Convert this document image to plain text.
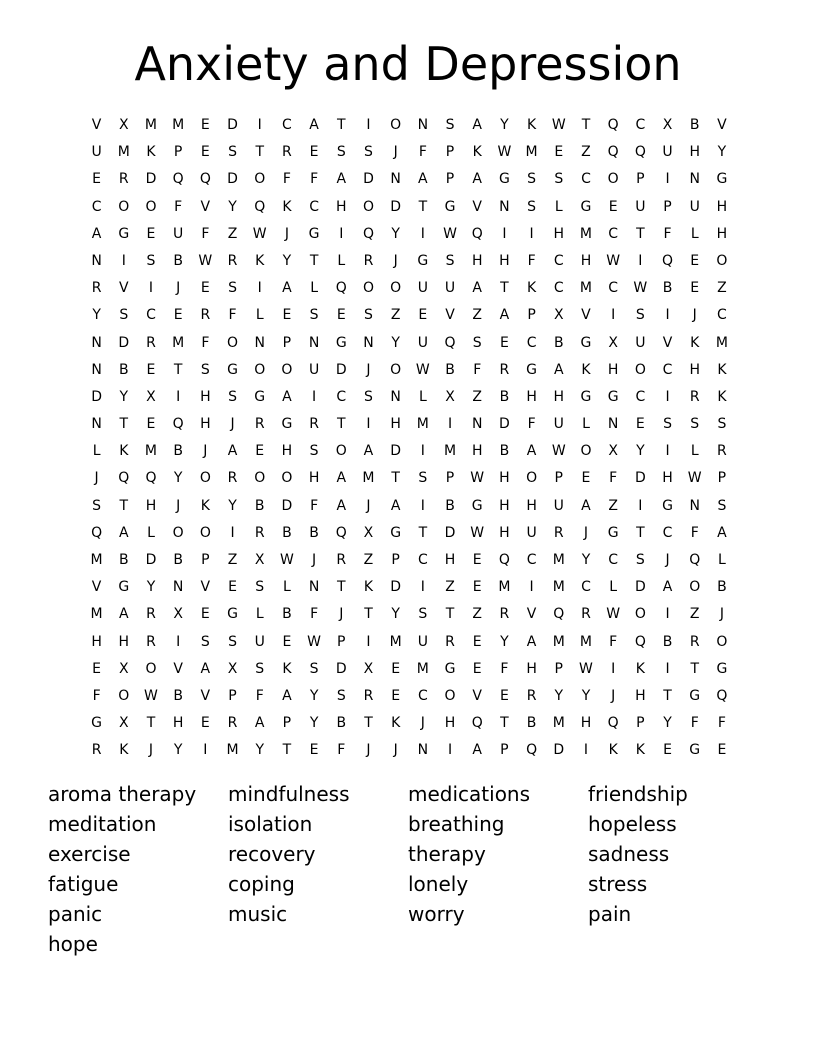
Anxiety and Depression
V	X	M	M	E	D	I	C	A	T	I	O	N	S	A	Y	K	W	T	Q	C	X	B	V
U	M	K	P	E	S	T	R	E	S	S	J	F	P	K	W	M	E	Z	Q	Q	U	H	Y
E	R	D	Q	Q	D	O	F	F	A	D	N	A	P	A	G	S	S	C	O	P	I	N	G
C	O	O	F	V	Y	Q	K	C	H	O	D	T	G	V	N	S	L	G	E	U	P	U	H
A	G	E	U	F	Z	W	J	G	I	Q	Y	I	W	Q	I	I	H	M	C	T	F	L	H
N	I	S	B	W	R	K	Y	T	L	R	J	G	S	H	H	F	C	H	W	I	Q	E	O
R	V	I	J	E	S	I	A	L	Q	O	O	U	U	A	T	K	C	M	C	W	B	E	Z
Y	S	C	E	R	F	L	E	S	E	S	Z	E	V	Z	A	P	X	V	I	S	I	J	C
N	D	R	M	F	O	N	P	N	G	N	Y	U	Q	S	E	C	B	G	X	U	V	K	M
N	B	E	T	S	G	O	O	U	D	J	O	W	B	F	R	G	A	K	H	O	C	H	K
D	Y	X	I	H	S	G	A	I	C	S	N	L	X	Z	B	H	H	G	G	C	I	R	K
N	T	E	Q	H	J	R	G	R	T	I	H	M	I	N	D	F	U	L	N	E	S	S	S
L	K	M	B	J	A	E	H	S	O	A	D	I	M	H	B	A	W	O	X	Y	I	L	R
J	Q	Q	Y	O	R	O	O	H	A	M	T	S	P	W	H	O	P	E	F	D	H	W	P
S	T	H	J	K	Y	B	D	F	A	J	A	I	B	G	H	H	U	A	Z	I	G	N	S
Q	A	L	O	O	I	R	B	B	Q	X	G	T	D	W	H	U	R	J	G	T	C	F	A
M	B	D	B	P	Z	X	W	J	R	Z	P	C	H	E	Q	C	M	Y	C	S	J	Q	L
V	G	Y	N	V	E	S	L	N	T	K	D	I	Z	E	M	I	M	C	L	D	A	O	B
M	A	R	X	E	G	L	B	F	J	T	Y	S	T	Z	R	V	Q	R	W	O	I	Z	J
H	H	R	I	S	S	U	E	W	P	I	M	U	R	E	Y	A	M	M	F	Q	B	R	O
E	X	O	V	A	X	S	K	S	D	X	E	M	G	E	F	H	P	W	I	K	I	T	G
F	O	W	B	V	P	F	A	Y	S	R	E	C	O	V	E	R	Y	Y	J	H	T	G	Q
G	X	T	H	E	R	A	P	Y	B	T	K	J	H	Q	T	B	M	H	Q	P	Y	F	F
R	K	J	Y	I	M	Y	T	E	F	J	J	N	I	A	P	Q	D	I	K	K	E	G	E
aroma therapy
meditation
exercise
fatigue
panic
hope
mindfulness
isolation
recovery
coping
music
medications
breathing
therapy
lonely
worry
friendship
hopeless
sadness
stress
pain
